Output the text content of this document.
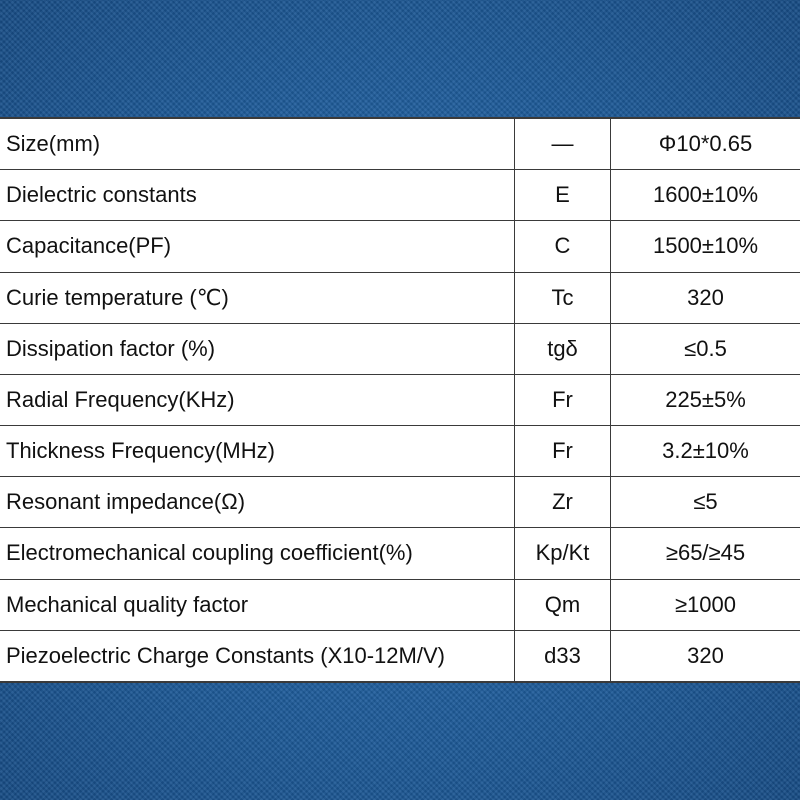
Size(mm)	—	Φ10*0.65
Dielectric constants	E	1600±10%
Capacitance(PF)	C	1500±10%
Curie temperature (℃)	Tc	320
Dissipation factor (%)	tgδ	≤0.5
Radial Frequency(KHz)	Fr	225±5%
Thickness Frequency(MHz)	Fr	3.2±10%
Resonant impedance(Ω)	Zr	≤5
Electromechanical coupling coefficient(%)	Kp/Kt	≥65/≥45
Mechanical quality factor	Qm	≥1000
Piezoelectric Charge Constants (X10-12M/V)	d33	320
